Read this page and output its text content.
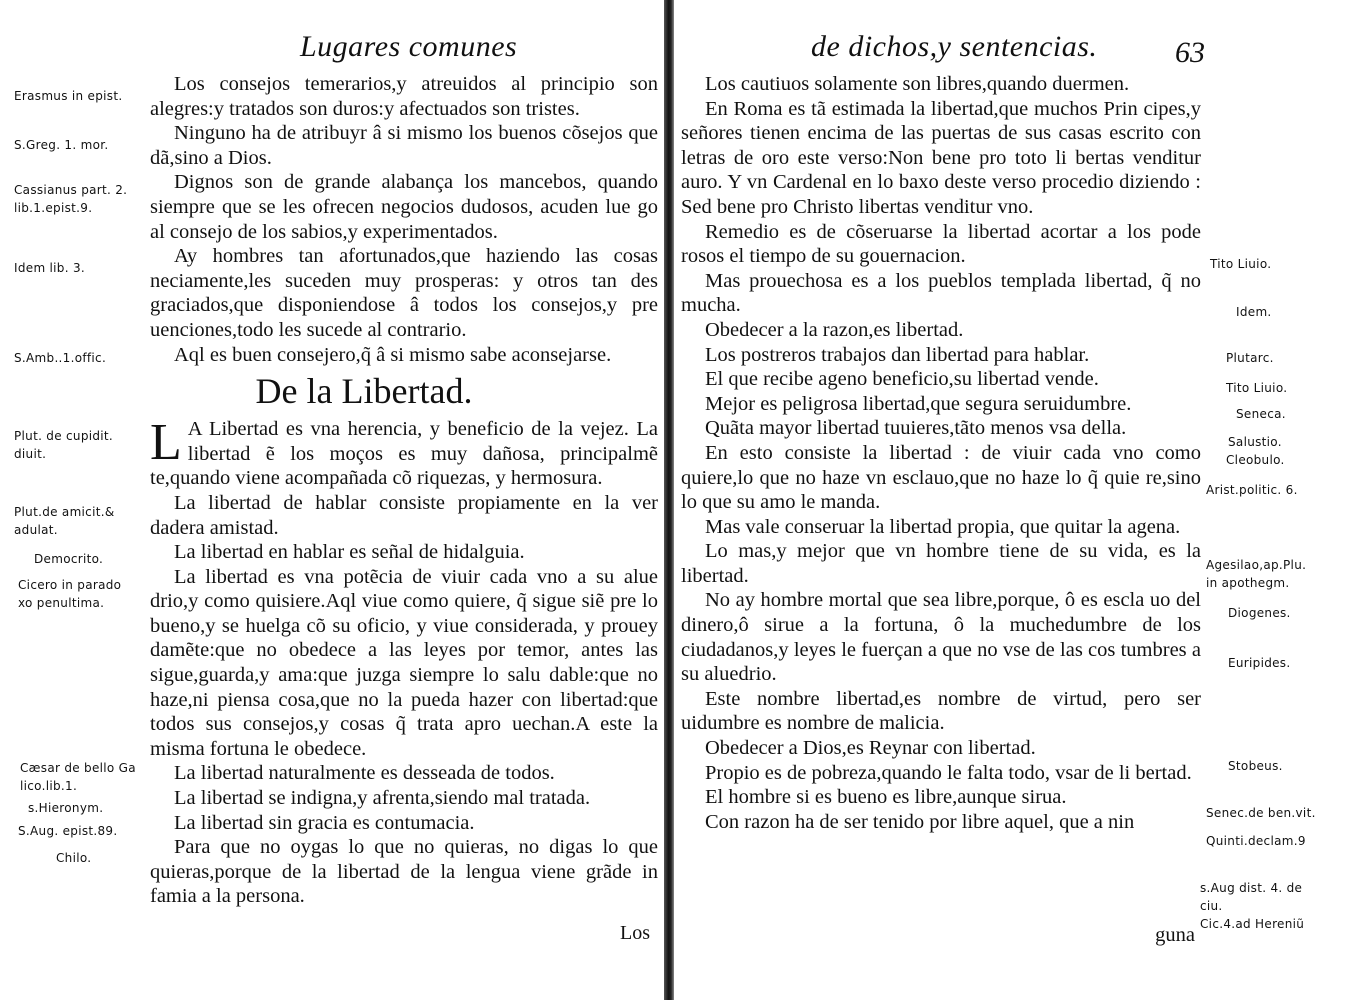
Lugares comunes

Los consejos temerarios,y atreuidos al principio son alegres:y tratados son duros:y afectuados son tristes.

Ninguno ha de atribuyr â si mismo los buenos cõsejos que dã,sino a Dios.

Dignos son de grande alabança los mancebos, quando siempre que se les ofrecen negocios dudosos, acuden lue go al consejo de los sabios,y experimentados.

Ay hombres tan afortunados,que haziendo las cosas neciamente,les suceden muy prosperas: y otros tan des graciados,que disponiendose â todos los consejos,y pre uenciones,todo les sucede al contrario.

Aql es buen consejero,q̃ â si mismo sabe aconsejarse.

De la Libertad.

L A Libertad es vna herencia, y beneficio de la vejez. La libertad ẽ los moços es muy dañosa, principalmẽ te,quando viene acompañada cõ riquezas, y hermosura.

La libertad de hablar consiste propiamente en la ver dadera amistad.

La libertad en hablar es señal de hidalguia.

La libertad es vna potẽcia de viuir cada vno a su alue drio,y como quisiere.Aql viue como quiere, q̃ sigue siẽ pre lo bueno,y se huelga cõ su oficio, y viue considerada, y prouey damẽte:que no obedece a las leyes por temor, antes las sigue,guarda,y ama:que juzga siempre lo salu dable:que no haze,ni piensa cosa,que no la pueda hazer con libertad:que todos sus consejos,y cosas q̃ trata apro uechan.A este la misma fortuna le obedece.

La libertad naturalmente es desseada de todos.

La libertad se indigna,y afrenta,siendo mal tratada.

La libertad sin gracia es contumacia.

Para que no oygas lo que no quieras, no digas lo que quieras,porque de la libertad de la lengua viene grãde in famia a la persona.

Erasmus in epist.
S.Greg. 1. mor.
Cassianus part. 2.
lib.1.epist.9.
Idem lib. 3.
S.Amb..1.offic.
Plut. de cupidit.
diuit.
Plut.de amicit.&
adulat.
Democrito.
Cicero in parado
xo penultima.
Cæsar de bello Ga
lico.lib.1.
s.Hieronym.
S.Aug. epist.89.
Chilo.
Los
de dichos,y sentencias.	63

Los cautiuos solamente son libres,quando duermen.

En Roma es tã estimada la libertad,que muchos Prin cipes,y señores tienen encima de las puertas de sus casas escrito con letras de oro este verso:Non bene pro toto li bertas venditur auro. Y vn Cardenal en lo baxo deste verso procedio diziendo : Sed bene pro Christo libertas venditur vno.

Remedio es de cõseruarse la libertad acortar a los pode rosos el tiempo de su gouernacion.

Mas prouechosa es a los pueblos templada libertad, q̃ no mucha.

Obedecer a la razon,es libertad.

Los postreros trabajos dan libertad para hablar.

El que recibe ageno beneficio,su libertad vende.

Mejor es peligrosa libertad,que segura seruidumbre.

Quãta mayor libertad tuuieres,tãto menos vsa della.

En esto consiste la libertad : de viuir cada vno como quiere,lo que no haze vn esclauo,que no haze lo q̃ quie re,sino lo que su amo le manda.

Mas vale conseruar la libertad propia, que quitar la agena.

Lo mas,y mejor que vn hombre tiene de su vida, es la libertad.

No ay hombre mortal que sea libre,porque, ô es escla uo del dinero,ô sirue a la fortuna, ô la muchedumbre de los ciudadanos,y leyes le fuerçan a que no vse de las cos tumbres a su aluedrio.

Este nombre libertad,es nombre de virtud, pero ser uidumbre es nombre de malicia.

Obedecer a Dios,es Reynar con libertad.

Propio es de pobreza,quando le falta todo, vsar de li bertad.

El hombre si es bueno es libre,aunque sirua.

Con razon ha de ser tenido por libre aquel, que a nin

Tito Liuio.
Idem.
Plutarc.
Tito Liuio.
Seneca.
Salustio.
Cleobulo.
Arist.politic. 6.
Agesilao,ap.Plu.
in apothegm.
Diogenes.
Euripides.
Stobeus.
Senec.de ben.vit.
Quinti.declam.9
s.Aug dist. 4. de
ciu.
Cic.4.ad Hereniũ
guna
